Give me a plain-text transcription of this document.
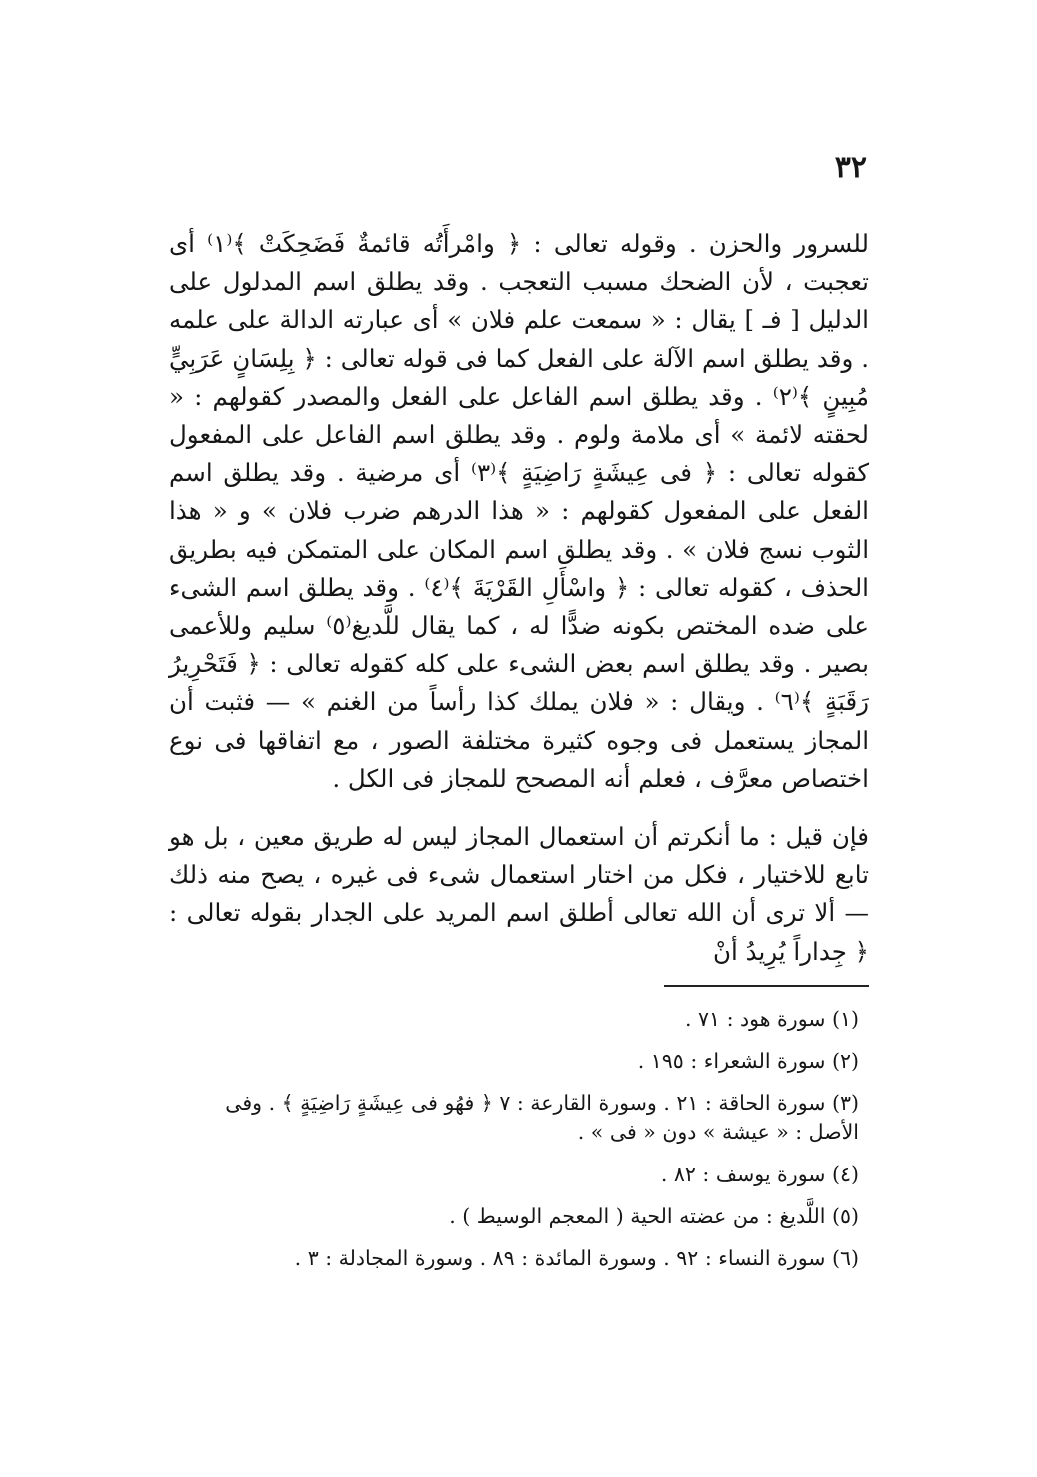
٣٢

للسرور والحزن . وقوله تعالى : ﴿ وامْرأَتُه قائمةٌ فَضَحِكَتْ ﴾⁽١⁾ أى تعجبت ، لأن الضحك مسبب التعجب . وقد يطلق اسم المدلول على الدليل [ فـ ] يقال : « سمعت علم فلان » أى عبارته الدالة على علمه . وقد يطلق اسم الآلة على الفعل كما فى قوله تعالى : ﴿ بِلِسَانٍ عَرَبِيٍّ مُبِينٍ ﴾⁽٢⁾ . وقد يطلق اسم الفاعل على الفعل والمصدر كقولهم : « لحقته لائمة » أى ملامة ولوم . وقد يطلق اسم الفاعل على المفعول كقوله تعالى : ﴿ فى عِيشَةٍ رَاضِيَةٍ ﴾⁽٣⁾ أى مرضية . وقد يطلق اسم الفعل على المفعول كقولهم : « هذا الدرهم ضرب فلان » و « هذا الثوب نسج فلان » . وقد يطلق اسم المكان على المتمكن فيه بطريق الحذف ، كقوله تعالى : ﴿ واسْأَلِ القَرْيَةَ ﴾⁽٤⁾ . وقد يطلق اسم الشىء على ضده المختص بكونه ضدًّا له ، كما يقال للَّديغ⁽٥⁾ سليم وللأعمى بصير . وقد يطلق اسم بعض الشىء على كله كقوله تعالى : ﴿ فَتَحْرِيرُ رَقَبَةٍ ﴾⁽٦⁾ . ويقال : « فلان يملك كذا رأساً من الغنم » — فثبت أن المجاز يستعمل فى وجوه كثيرة مختلفة الصور ، مع اتفاقها فى نوع اختصاص معرَّف ، فعلم أنه المصحح للمجاز فى الكل .

فإن قيل : ما أنكرتم أن استعمال المجاز ليس له طريق معين ، بل هو تابع للاختيار ، فكل من اختار استعمال شىء فى غيره ، يصح منه ذلك — ألا ترى أن الله تعالى أطلق اسم المريد على الجدار بقوله تعالى : ﴿ جِداراً يُرِيدُ أنْ

(١) سورة هود : ٧١ .
(٢) سورة الشعراء : ١٩٥ .
(٣) سورة الحاقة : ٢١ . وسورة القارعة : ٧ ﴿ فهُو فى عِيشَةٍ رَاضِيَةٍ ﴾ . وفى الأصل : « عيشة » دون « فى » .
(٤) سورة يوسف : ٨٢ .
(٥) اللَّديغ : من عضته الحية ( المعجم الوسيط ) .
(٦) سورة النساء : ٩٢ . وسورة المائدة : ٨٩ . وسورة المجادلة : ٣ .
